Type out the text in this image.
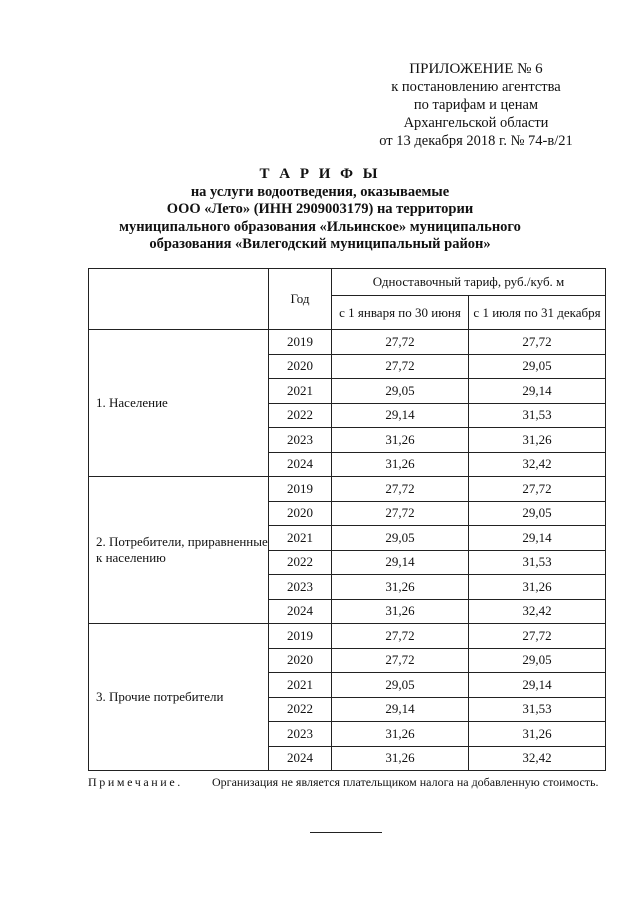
ПРИЛОЖЕНИЕ № 6
к постановлению агентства
по тарифам и ценам
Архангельской области
от 13 декабря 2018 г. № 74-в/21
Т А Р И Ф Ы
на услуги водоотведения, оказываемые
ООО «Лето» (ИНН 2909003179) на территории
муниципального образования «Ильинское» муниципального
образования «Вилегодский муниципальный район»
	Год	Одноставочный тариф, руб./куб. м	
		с 1 января по 30 июня	с 1 июля по 31 декабря
1. Население	2019	27,72	27,72
	2020	27,72	29,05
	2021	29,05	29,14
	2022	29,14	31,53
	2023	31,26	31,26
	2024	31,26	32,42
2. Потребители, приравненные к населению	2019	27,72	27,72
	2020	27,72	29,05
	2021	29,05	29,14
	2022	29,14	31,53
	2023	31,26	31,26
	2024	31,26	32,42
3. Прочие потребители	2019	27,72	27,72
	2020	27,72	29,05
	2021	29,05	29,14
	2022	29,14	31,53
	2023	31,26	31,26
	2024	31,26	32,42
Примечание. Организация не является плательщиком налога на добавленную стоимость.
